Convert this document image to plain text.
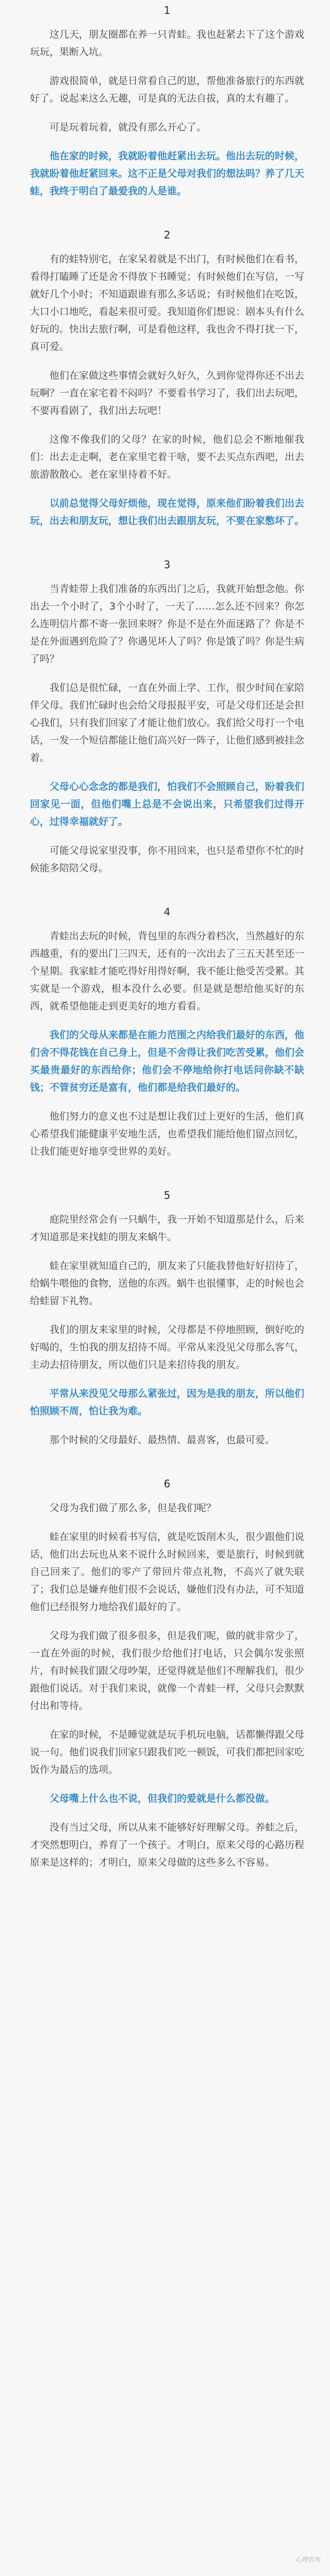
1

这几天，朋友圈都在养一只青蛙。我也赶紧去下了这个游戏玩玩，果断入坑。

游戏很简单，就是日常看自己的崽，帮他准备旅行的东西就好了。说起来这么无趣，可是真的无法自拔，真的太有趣了。

可是玩着玩着，就没有那么开心了。

他在家的时候，我就盼着他赶紧出去玩。他出去玩的时候，我就盼着他赶紧回来。这不正是父母对我们的想法吗？养了几天蛙，我终于明白了最爱我的人是谁。

2

有的蛙特别宅，在家呆着就是不出门，有时候他们在看书，看得打瞌睡了还是舍不得放下书睡觉；有时候他们在写信，一写就好几个小时；不知道跟谁有那么多话说；有时候他们在吃饭，大口小口地吃，看起来很可爱。我知道你们想说：剧本头有什么好玩的。快出去旅行啊，可是看他这样，我也舍不得打扰一下，真可爱。

他们在家做这些事情会就好久好久，久到你觉得你还不出去玩啊？一直在家宅着不闷吗？不要看书学习了，我们出去玩吧，不要再看剧了，我们出去玩吧！

这像不像我们的父母？在家的时候，他们总会不断地催我们：出去走走啊，老在家里宅着干啥，要不去买点东西吧，出去旅游散散心。老在家里待着不好。

以前总觉得父母好烦他，现在觉得，原来他们盼着我们出去玩，出去和朋友玩，想让我们出去跟朋友玩，不要在家憋坏了。

3

当青蛙带上我们准备的东西出门之后，我就开始想念他。你出去一个小时了，3个小时了，一天了……怎么还不回来？你怎么连明信片都不寄一张回来呀？你是不是在外面迷路了？你是不是在外面遇到危险了？你遇见坏人了吗？你是饿了吗？你是生病了吗？

我们总是很忙碌，一直在外面上学、工作，很少时间在家陪伴父母。我们忙碌时也会给父母报报平安，可是父母们还是会担心我们，只有我们回家了才能让他们放心。我们给父母打一个电话，一发一个短信都能让他们高兴好一阵子，让他们感到被挂念着。

父母心心念念的都是我们，怕我们不会照顾自己，盼着我们回家见一面，但他们嘴上总是不会说出来，只希望我们过得开心，过得幸福就好了。

可能父母说家里没事，你不用回来，也只是希望你不忙的时候能多陪陪父母。

4

青蛙出去玩的时候，背包里的东西分着档次，当然越好的东西越重，有的要出门三四天，还有的一次出去了三五天甚至还一个星期。我家蛙才能吃得好用得好啊，我不能让他受苦受累。其实就是一个游戏，根本没什么必要。但是就是想给他买好的东西，就希望他能走到更美好的地方看看。

我们的父母从来都是在能力范围之内给我们最好的东西，他们舍不得花钱在自己身上，但是不舍得让我们吃苦受累，他们会买最贵最好的东西给你；他们会不停地给你打电话问你缺不缺钱；不管贫穷还是富有，他们都是给我们最好的。

他们努力的意义也不过是想让我们过上更好的生活，他们真心希望我们能健康平安地生活，也希望我们能给他们留点回忆，让我们能更好地享受世界的美好。

5

庭院里经常会有一只蜗牛，我一开始不知道那是什么，后来才知道那是来找蛙的朋友来蜗牛。

蛙在家里就知道自己的，朋友来了只能我替他好好招待了，给蜗牛喂他的食物，送他的东西。蜗牛也很懂事，走的时候也会给蛙留下礼物。

我们的朋友来家里的时候，父母都是不停地照顾，倒好吃的好喝的，生怕我的朋友招待不周。平常从来没见父母那么客气，主动去招待朋友，所以他们只是来招待我的朋友。

平常从来没见父母那么紧张过，因为是我的朋友，所以他们怕照顾不周，怕让我为难。

那个时候的父母最好、最热情、最喜客，也最可爱。

6

父母为我们做了那么多，但是我们呢？

蛙在家里的时候看书写信，就是吃饭削木头，很少跟他们说话，他们出去玩也从来不说什么时候回来，要是旅行，时候到就自己回来了。他们的零产了带回片带点礼物，不高兴了就失联了；我们总是嫌弃他们很不会说话，嫌他们没有办法，可不知道他们已经很努力地给我们最好的了。

父母为我们做了很多很多，但是我们呢，做的就非常少了，一直在外面的时候，我们很少给他们打电话，只会偶尔发张照片，有时候我们跟父母吵架，还觉得就是他们不理解我们，很少跟他们说话。对于我们来说，就像一个青蛙一样，父母只会默默付出和等待。

在家的时候，不是睡觉就是玩手机玩电脑，话都懒得跟父母说一句。他们说我们回家只跟我们吃一顿饭，可我们都把回家吃饭作为最后的选项。

父母嘴上什么也不说，但我们的爱就是什么都没做。

没有当过父母，所以从来不能够好好理解父母。养蛙之后，才突然想明白，养育了一个孩子。才明白，原来父母的心路历程原来是这样的；才明白，原来父母做的这些多么不容易。

心理咨询
